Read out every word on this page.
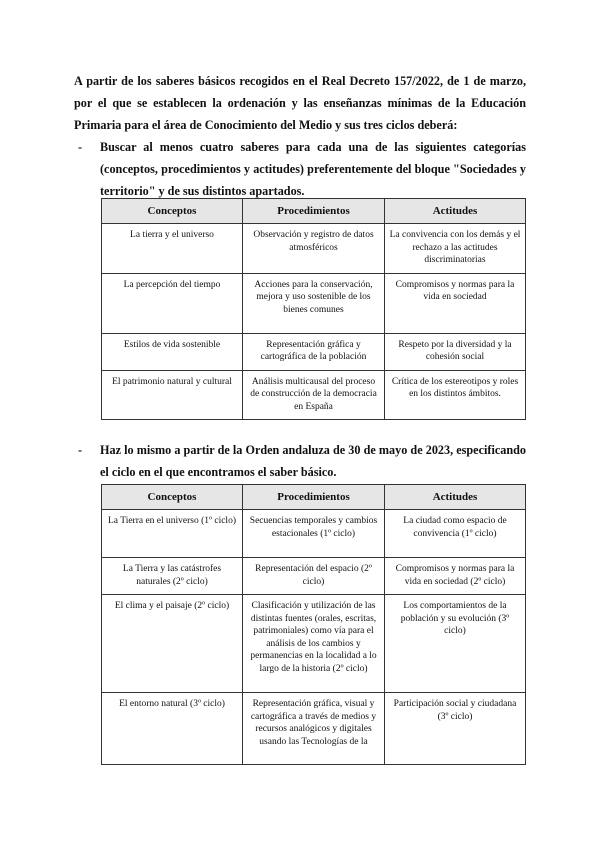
A partir de los saberes básicos recogidos en el Real Decreto 157/2022, de 1 de marzo, por el que se establecen la ordenación y las enseñanzas mínimas de la Educación Primaria para el área de Conocimiento del Medio y sus tres ciclos deberá:

- Buscar al menos cuatro saberes para cada una de las siguientes categorías (conceptos, procedimientos y actitudes) preferentemente del bloque "Sociedades y territorio" y de sus distintos apartados.
Conceptos	Procedimientos	Actitudes
La tierra y el universo	Observación y registro de datos atmosféricos	La convivencia con los demás y el rechazo a las actitudes discriminatorias
La percepción del tiempo	Acciones para la conservación, mejora y uso sostenible de los bienes comunes	Compromisos y normas para la vida en sociedad
Estilos de vida sostenible	Representación gráfica y cartográfica de la población	Respeto por la diversidad y la cohesión social
El patrimonio natural y cultural	Análisis multicausal del proceso de construcción de la democracia en España	Crítica de los estereotipos y roles en los distintos ámbitos.
- Haz lo mismo a partir de la Orden andaluza de 30 de mayo de 2023, especificando el ciclo en el que encontramos el saber básico.
Conceptos	Procedimientos	Actitudes
La Tierra en el universo (1º ciclo)	Secuencias temporales y cambios estacionales (1º ciclo)	La ciudad como espacio de convivencia (1º ciclo)
La Tierra y las catástrofes naturales (2º ciclo)	Representación del espacio (2º ciclo)	Compromisos y normas para la vida en sociedad (2º ciclo)
El clima y el paisaje (2º ciclo)	Clasificación y utilización de las distintas fuentes (orales, escritas, patrimoniales) como vía para el análisis de los cambios y permanencias en la localidad a lo largo de la historia (2º ciclo)	Los comportamientos de la población y su evolución (3º ciclo)
El entorno natural (3º ciclo)	Representación gráfica, visual y cartográfica a través de medios y recursos analógicos y digitales usando las Tecnologías de la	Participación social y ciudadana (3º ciclo)
